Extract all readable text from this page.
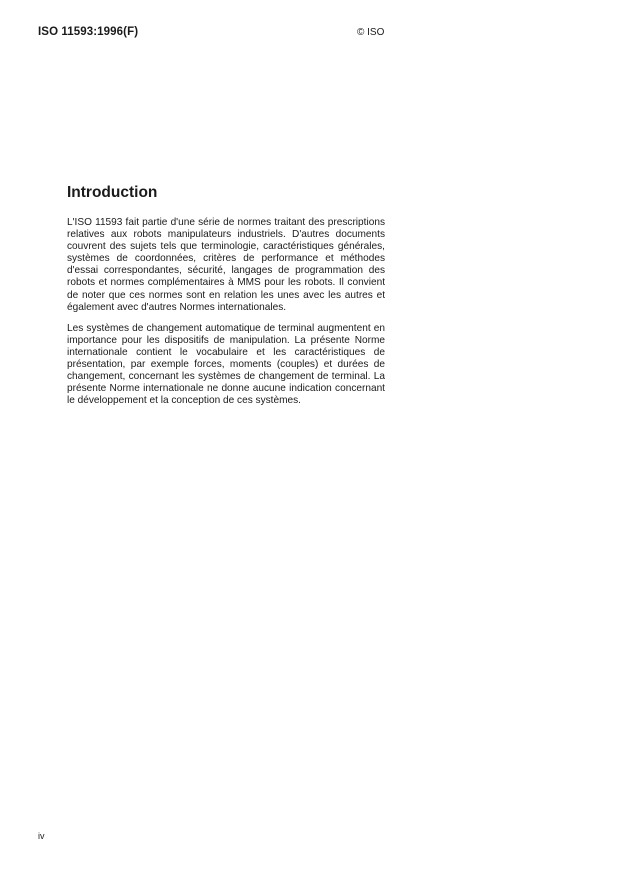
ISO 11593:1996(F)	© ISO
Introduction

L'ISO 11593 fait partie d'une série de normes traitant des prescriptions relatives aux robots manipulateurs industriels. D'autres documents couvrent des sujets tels que terminologie, caractéristiques générales, systèmes de coordonnées, critères de performance et méthodes d'essai correspondantes, sécurité, langages de programmation des robots et normes complémentaires à MMS pour les robots. Il convient de noter que ces normes sont en relation les unes avec les autres et également avec d'autres Normes internationales.

Les systèmes de changement automatique de terminal augmentent en importance pour les dispositifs de manipulation. La présente Norme internationale contient le vocabulaire et les caractéristiques de présentation, par exemple forces, moments (couples) et durées de changement, concernant les systèmes de changement de terminal. La présente Norme internationale ne donne aucune indication concernant le développement et la conception de ces systèmes.

iv
